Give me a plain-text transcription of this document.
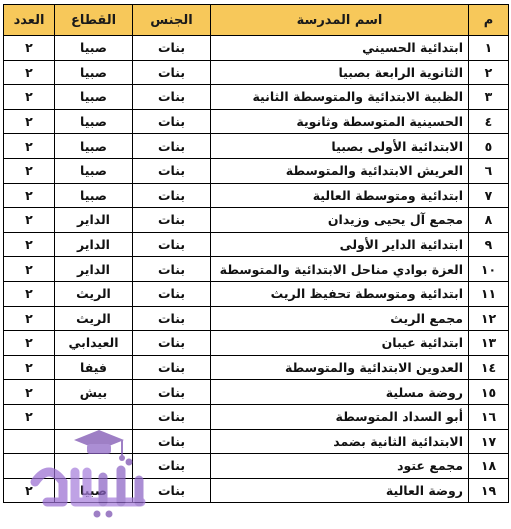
م	اسم المدرسة	الجنس	القطاع	العدد
١	ابتدائية الحسيني	بنات	صبيا	٢
٢	الثانوية الرابعة بصبيا	بنات	صبيا	٢
٣	الظبية الابتدائية والمتوسطة الثانية	بنات	صبيا	٢
٤	الحسينية المتوسطة وثانوية	بنات	صبيا	٢
٥	الابتدائية الأولى بصبيا	بنات	صبيا	٢
٦	العريش الابتدائية والمتوسطة	بنات	صبيا	٢
٧	ابتدائية ومتوسطة العالية	بنات	صبيا	٢
٨	مجمع آل يحيى وزيدان	بنات	الداير	٢
٩	ابتدائية الداير الأولى	بنات	الداير	٢
١٠	العزة بوادي مناحل الابتدائية والمتوسطة	بنات	الداير	٢
١١	ابتدائية ومتوسطة تحفيظ الريث	بنات	الريث	٢
١٢	مجمع الريث	بنات	الريث	٢
١٣	ابتدائية عيبان	بنات	العيدابي	٢
١٤	العدوين الابتدائية والمتوسطة	بنات	فيفا	٢
١٥	روضة مسلية	بنات	بيش	٢
١٦	أبو السداد المتوسطة	بنات		٢
١٧	الابتدائية الثانية بضمد	بنات		
١٨	مجمع عتود	بنات		
١٩	روضة العالية	بنات	صبيا	٢
